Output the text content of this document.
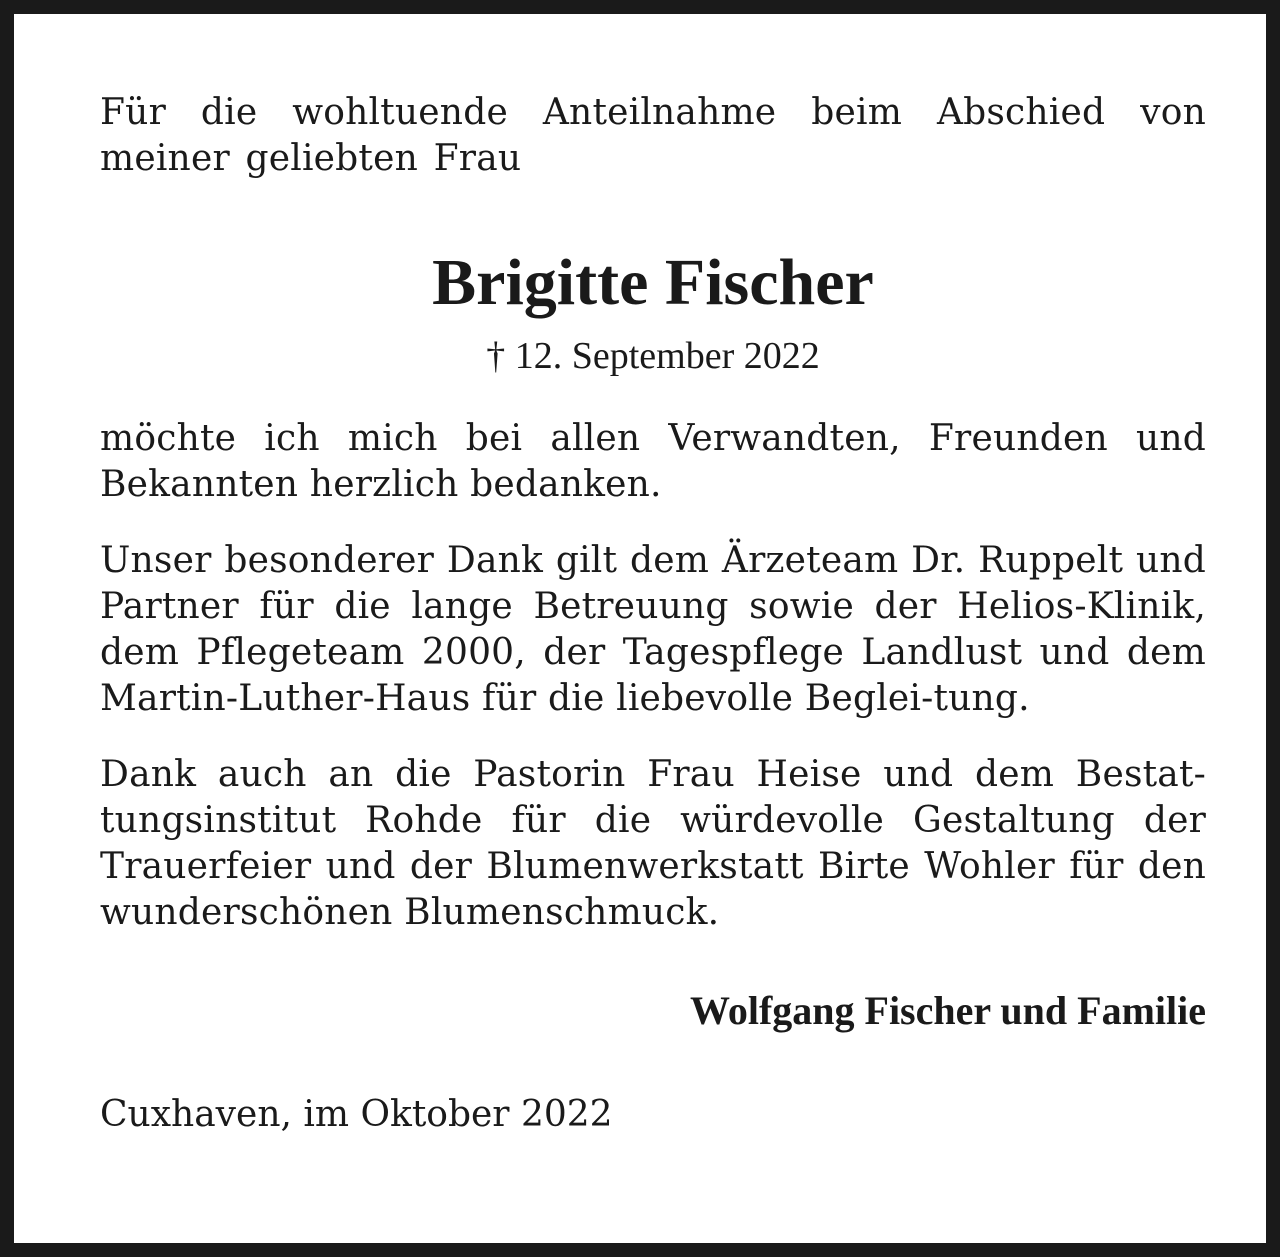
Für die wohltuende Anteilnahme beim Abschied von meiner geliebten Frau

Brigitte Fischer

† 12. September 2022

möchte ich mich bei allen Verwandten, Freunden und Bekannten herzlich bedanken.

Unser besonderer Dank gilt dem Ärzeteam Dr. Ruppelt und Partner für die lange Betreuung sowie der Helios-Klinik, dem Pflegeteam 2000, der Tagespflege Landlust und dem Martin-Luther-Haus für die liebevolle Beglei-tung.

Dank auch an die Pastorin Frau Heise und dem Bestat-tungsinstitut Rohde für die würdevolle Gestaltung der Trauerfeier und der Blumenwerkstatt Birte Wohler für den wunderschönen Blumenschmuck.

Wolfgang Fischer und Familie

Cuxhaven, im Oktober 2022
